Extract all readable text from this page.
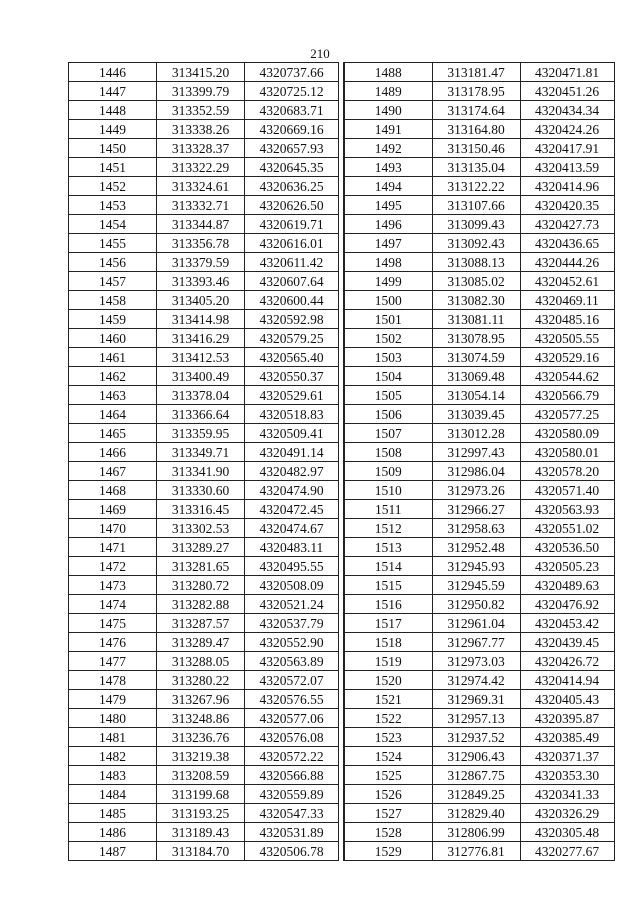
210
1446	313415.20	4320737.66
1447	313399.79	4320725.12
1448	313352.59	4320683.71
1449	313338.26	4320669.16
1450	313328.37	4320657.93
1451	313322.29	4320645.35
1452	313324.61	4320636.25
1453	313332.71	4320626.50
1454	313344.87	4320619.71
1455	313356.78	4320616.01
1456	313379.59	4320611.42
1457	313393.46	4320607.64
1458	313405.20	4320600.44
1459	313414.98	4320592.98
1460	313416.29	4320579.25
1461	313412.53	4320565.40
1462	313400.49	4320550.37
1463	313378.04	4320529.61
1464	313366.64	4320518.83
1465	313359.95	4320509.41
1466	313349.71	4320491.14
1467	313341.90	4320482.97
1468	313330.60	4320474.90
1469	313316.45	4320472.45
1470	313302.53	4320474.67
1471	313289.27	4320483.11
1472	313281.65	4320495.55
1473	313280.72	4320508.09
1474	313282.88	4320521.24
1475	313287.57	4320537.79
1476	313289.47	4320552.90
1477	313288.05	4320563.89
1478	313280.22	4320572.07
1479	313267.96	4320576.55
1480	313248.86	4320577.06
1481	313236.76	4320576.08
1482	313219.38	4320572.22
1483	313208.59	4320566.88
1484	313199.68	4320559.89
1485	313193.25	4320547.33
1486	313189.43	4320531.89
1487	313184.70	4320506.78
1488	313181.47	4320471.81
1489	313178.95	4320451.26
1490	313174.64	4320434.34
1491	313164.80	4320424.26
1492	313150.46	4320417.91
1493	313135.04	4320413.59
1494	313122.22	4320414.96
1495	313107.66	4320420.35
1496	313099.43	4320427.73
1497	313092.43	4320436.65
1498	313088.13	4320444.26
1499	313085.02	4320452.61
1500	313082.30	4320469.11
1501	313081.11	4320485.16
1502	313078.95	4320505.55
1503	313074.59	4320529.16
1504	313069.48	4320544.62
1505	313054.14	4320566.79
1506	313039.45	4320577.25
1507	313012.28	4320580.09
1508	312997.43	4320580.01
1509	312986.04	4320578.20
1510	312973.26	4320571.40
1511	312966.27	4320563.93
1512	312958.63	4320551.02
1513	312952.48	4320536.50
1514	312945.93	4320505.23
1515	312945.59	4320489.63
1516	312950.82	4320476.92
1517	312961.04	4320453.42
1518	312967.77	4320439.45
1519	312973.03	4320426.72
1520	312974.42	4320414.94
1521	312969.31	4320405.43
1522	312957.13	4320395.87
1523	312937.52	4320385.49
1524	312906.43	4320371.37
1525	312867.75	4320353.30
1526	312849.25	4320341.33
1527	312829.40	4320326.29
1528	312806.99	4320305.48
1529	312776.81	4320277.67
